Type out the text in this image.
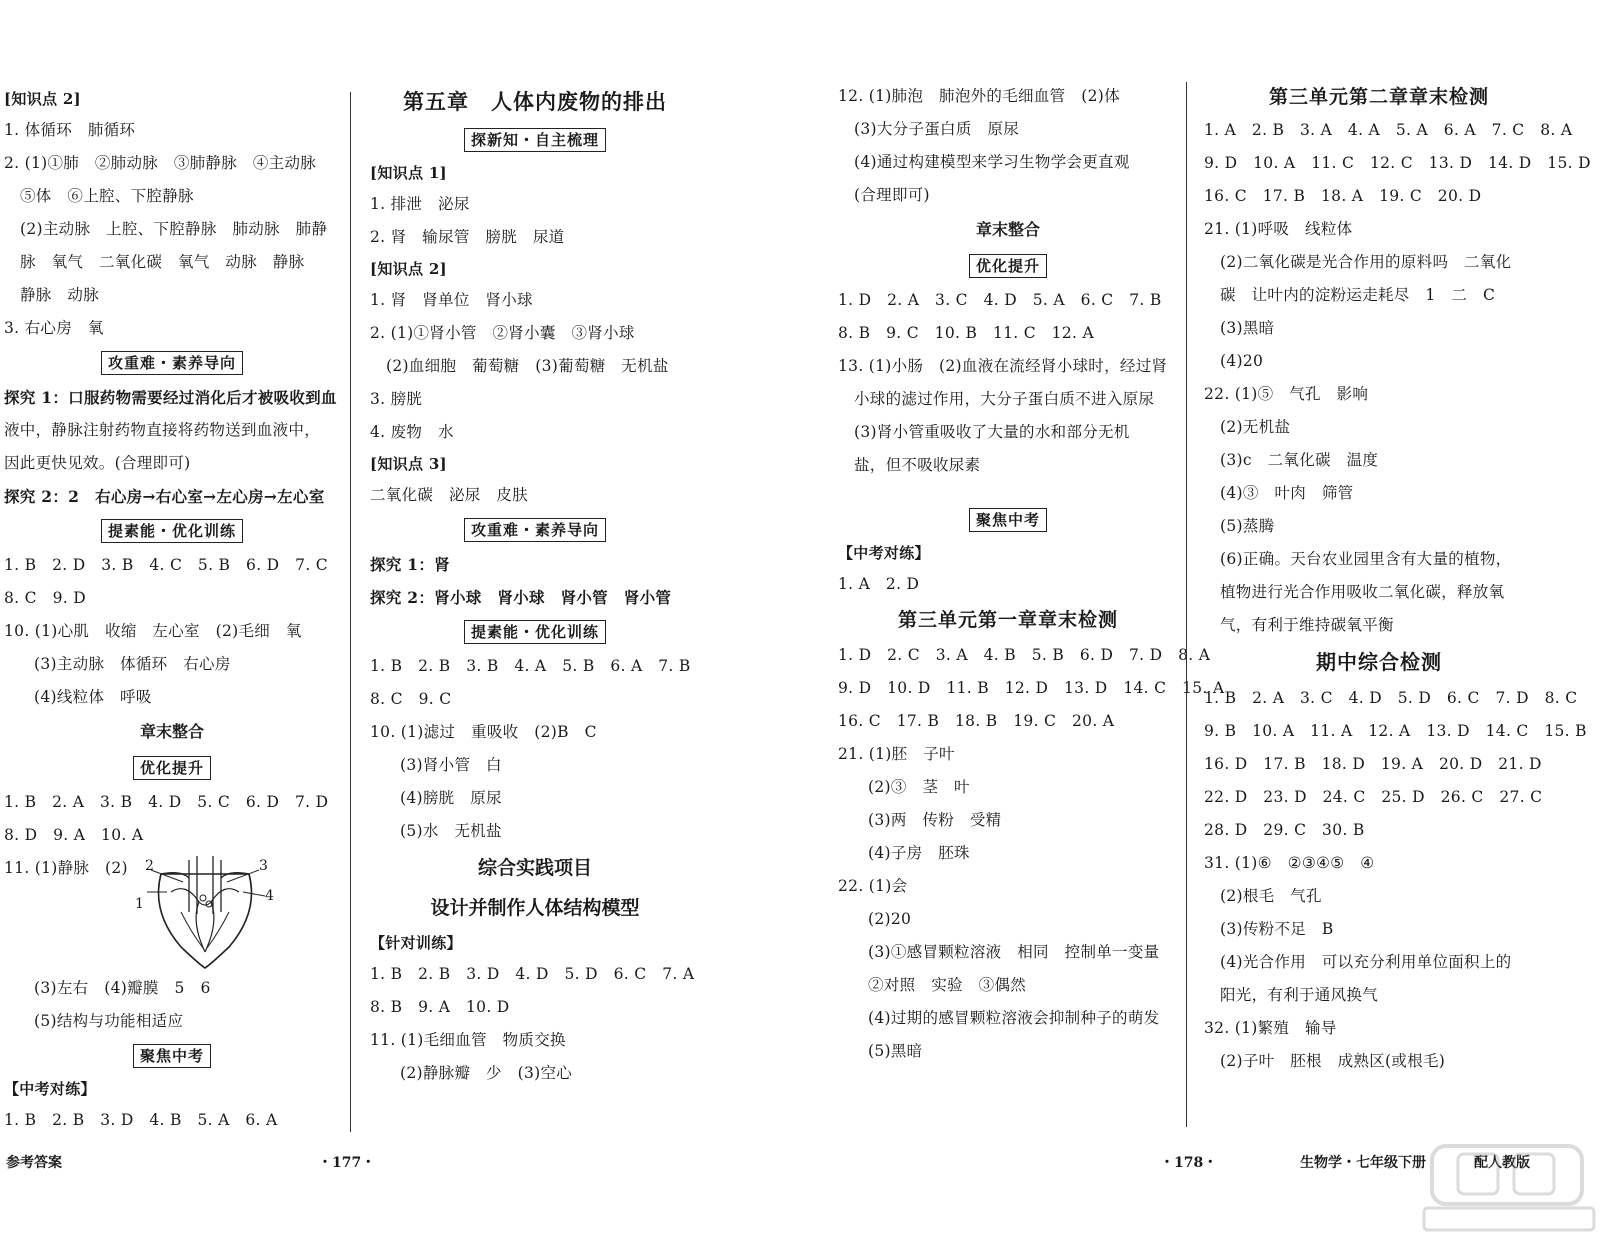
[知识点 2]
1. 体循环　肺循环
2. (1)①肺　②肺动脉　③肺静脉　④主动脉
⑤体　⑥上腔、下腔静脉
(2)主动脉　上腔、下腔静脉　肺动脉　肺静
脉　氧气　二氧化碳　氧气　动脉　静脉
静脉　动脉
3. 右心房　氧
攻重难・素养导向
探究 1：口服药物需要经过消化后才被吸收到血
液中，静脉注射药物直接将药物送到血液中，
因此更快见效。(合理即可)
探究 2：2　右心房→右心室→左心房→左心室
提素能・优化训练
1. B　2. D　3. B　4. C　5. B　6. D　7. C
8. C　9. D
10. (1)心肌　收缩　左心室　(2)毛细　氧
(3)主动脉　体循环　右心房
(4)线粒体　呼吸
章末整合
优化提升
1. B　2. A　3. B　4. D　5. C　6. D　7. D
8. D　9. A　10. A
11. (1)静脉　(2)
1
2	3
4
(3)左右　(4)瓣膜　5　6
(5)结构与功能相适应
聚焦中考
【中考对练】
1. B　2. B　3. D　4. B　5. A　6. A
第五章　人体内废物的排出
探新知・自主梳理
[知识点 1]
1. 排泄　泌尿
2. 肾　输尿管　膀胱　尿道
[知识点 2]
1. 肾　肾单位　肾小球
2. (1)①肾小管　②肾小囊　③肾小球
(2)血细胞　葡萄糖　(3)葡萄糖　无机盐
3. 膀胱
4. 废物　水
[知识点 3]
二氧化碳　泌尿　皮肤
攻重难・素养导向
探究 1：肾
探究 2：肾小球　肾小球　肾小管　肾小管
提素能・优化训练
1. B　2. B　3. B　4. A　5. B　6. A　7. B
8. C　9. C
10. (1)滤过　重吸收　(2)B　C
(3)肾小管　白
(4)膀胱　原尿
(5)水　无机盐
综合实践项目
设计并制作人体结构模型
【针对训练】
1. B　2. B　3. D　4. D　5. D　6. C　7. A
8. B　9. A　10. D
11. (1)毛细血管　物质交换
(2)静脉瓣　少　(3)空心
12. (1)肺泡　肺泡外的毛细血管　(2)体
(3)大分子蛋白质　原尿
(4)通过构建模型来学习生物学会更直观
(合理即可)
章末整合
优化提升
1. D　2. A　3. C　4. D　5. A　6. C　7. B
8. B　9. C　10. B　11. C　12. A
13. (1)小肠　(2)血液在流经肾小球时，经过肾
小球的滤过作用，大分子蛋白质不进入原尿
(3)肾小管重吸收了大量的水和部分无机
盐，但不吸收尿素
聚焦中考
【中考对练】
1. A　2. D
第三单元第一章章末检测
1. D　2. C　3. A　4. B　5. B　6. D　7. D　8. A
9. D　10. D　11. B　12. D　13. D　14. C　15. A
16. C　17. B　18. B　19. C　20. A
21. (1)胚　子叶
(2)③　茎　叶
(3)两　传粉　受精
(4)子房　胚珠
22. (1)会
(2)20
(3)①感冒颗粒溶液　相同　控制单一变量
②对照　实验　③偶然
(4)过期的感冒颗粒溶液会抑制种子的萌发
(5)黑暗
第三单元第二章章末检测
1. A　2. B　3. A　4. A　5. A　6. A　7. C　8. A
9. D　10. A　11. C　12. C　13. D　14. D　15. D
16. C　17. B　18. A　19. C　20. D
21. (1)呼吸　线粒体
(2)二氧化碳是光合作用的原料吗　二氧化
碳　让叶内的淀粉运走耗尽　1　二　C
(3)黑暗
(4)20
22. (1)⑤　气孔　影响
(2)无机盐
(3)c　二氧化碳　温度
(4)③　叶肉　筛管
(5)蒸腾
(6)正确。天台农业园里含有大量的植物，
植物进行光合作用吸收二氧化碳，释放氧
气，有利于维持碳氧平衡
期中综合检测
1. B　2. A　3. C　4. D　5. D　6. C　7. D　8. C
9. B　10. A　11. A　12. A　13. D　14. C　15. B
16. D　17. B　18. D　19. A　20. D　21. D
22. D　23. D　24. C　25. D　26. C　27. C
28. D　29. C　30. B
31. (1)⑥　②③④⑤　④
(2)根毛　气孔
(3)传粉不足　B
(4)光合作用　可以充分利用单位面积上的
阳光，有利于通风换气
32. (1)繁殖　输导
(2)子叶　胚根　成熟区(或根毛)
参考答案	・177・	・178・	生物学・七年级下册	配人教版
